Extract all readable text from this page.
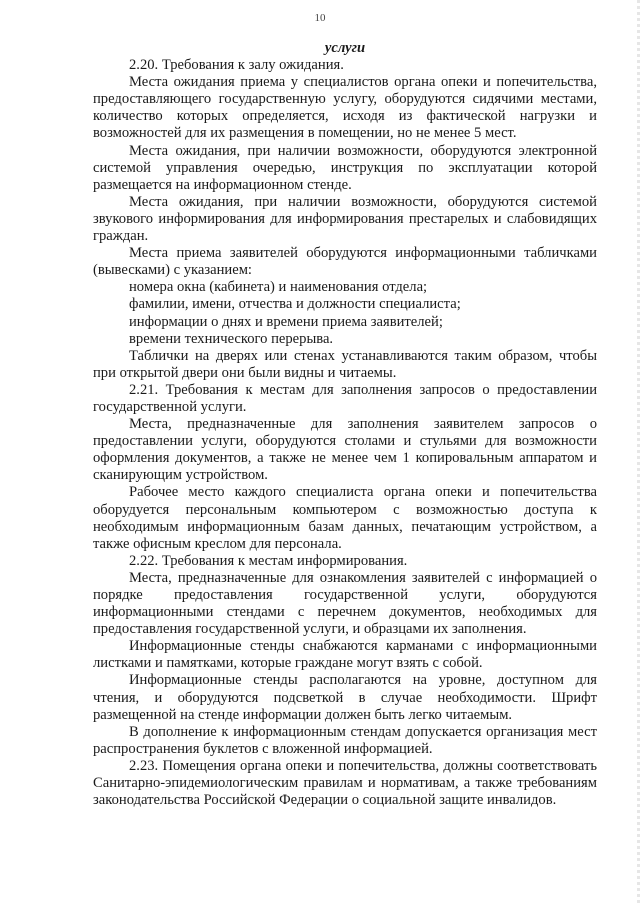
10
услуги

2.20. Требования к залу ожидания.

Места ожидания приема у специалистов органа опеки и попечительства, предоставляющего государственную услугу, оборудуются сидячими местами, количество которых определяется, исходя из фактической нагрузки и возможностей для их размещения в помещении, но не менее 5 мест.

Места ожидания, при наличии возможности, оборудуются электронной системой управления очередью, инструкция по эксплуатации которой размещается на информационном стенде.

Места ожидания, при наличии возможности, оборудуются системой звукового информирования для информирования престарелых и слабовидящих граждан.

Места приема заявителей оборудуются информационными табличками (вывесками) с указанием:

номера окна (кабинета) и наименования отдела;

фамилии, имени, отчества и должности специалиста;

информации о днях и времени приема заявителей;

времени технического перерыва.

Таблички на дверях или стенах устанавливаются таким образом, чтобы при открытой двери они были видны и читаемы.

2.21. Требования к местам для заполнения запросов о предоставлении государственной услуги.

Места, предназначенные для заполнения заявителем запросов о предоставлении услуги, оборудуются столами и стульями для возможности оформления документов, а также не менее чем 1 копировальным аппаратом и сканирующим устройством.

Рабочее место каждого специалиста органа опеки и попечительства оборудуется персональным компьютером с возможностью доступа к необходимым информационным базам данных, печатающим устройством, а также офисным креслом для персонала.

2.22. Требования к местам информирования.

Места, предназначенные для ознакомления заявителей с информацией о порядке предоставления государственной услуги, оборудуются информационными стендами с перечнем документов, необходимых для предоставления государственной услуги, и образцами их заполнения.

Информационные стенды снабжаются карманами с информационными листками и памятками, которые граждане могут взять с собой.

Информационные стенды располагаются на уровне, доступном для чтения, и оборудуются подсветкой в случае необходимости. Шрифт размещенной на стенде информации должен быть легко читаемым.

В дополнение к информационным стендам допускается организация мест распространения буклетов с вложенной информацией.

2.23. Помещения органа опеки и попечительства, должны соответствовать Санитарно-эпидемиологическим правилам и нормативам, а также требованиям законодательства Российской Федерации о социальной защите инвалидов.
